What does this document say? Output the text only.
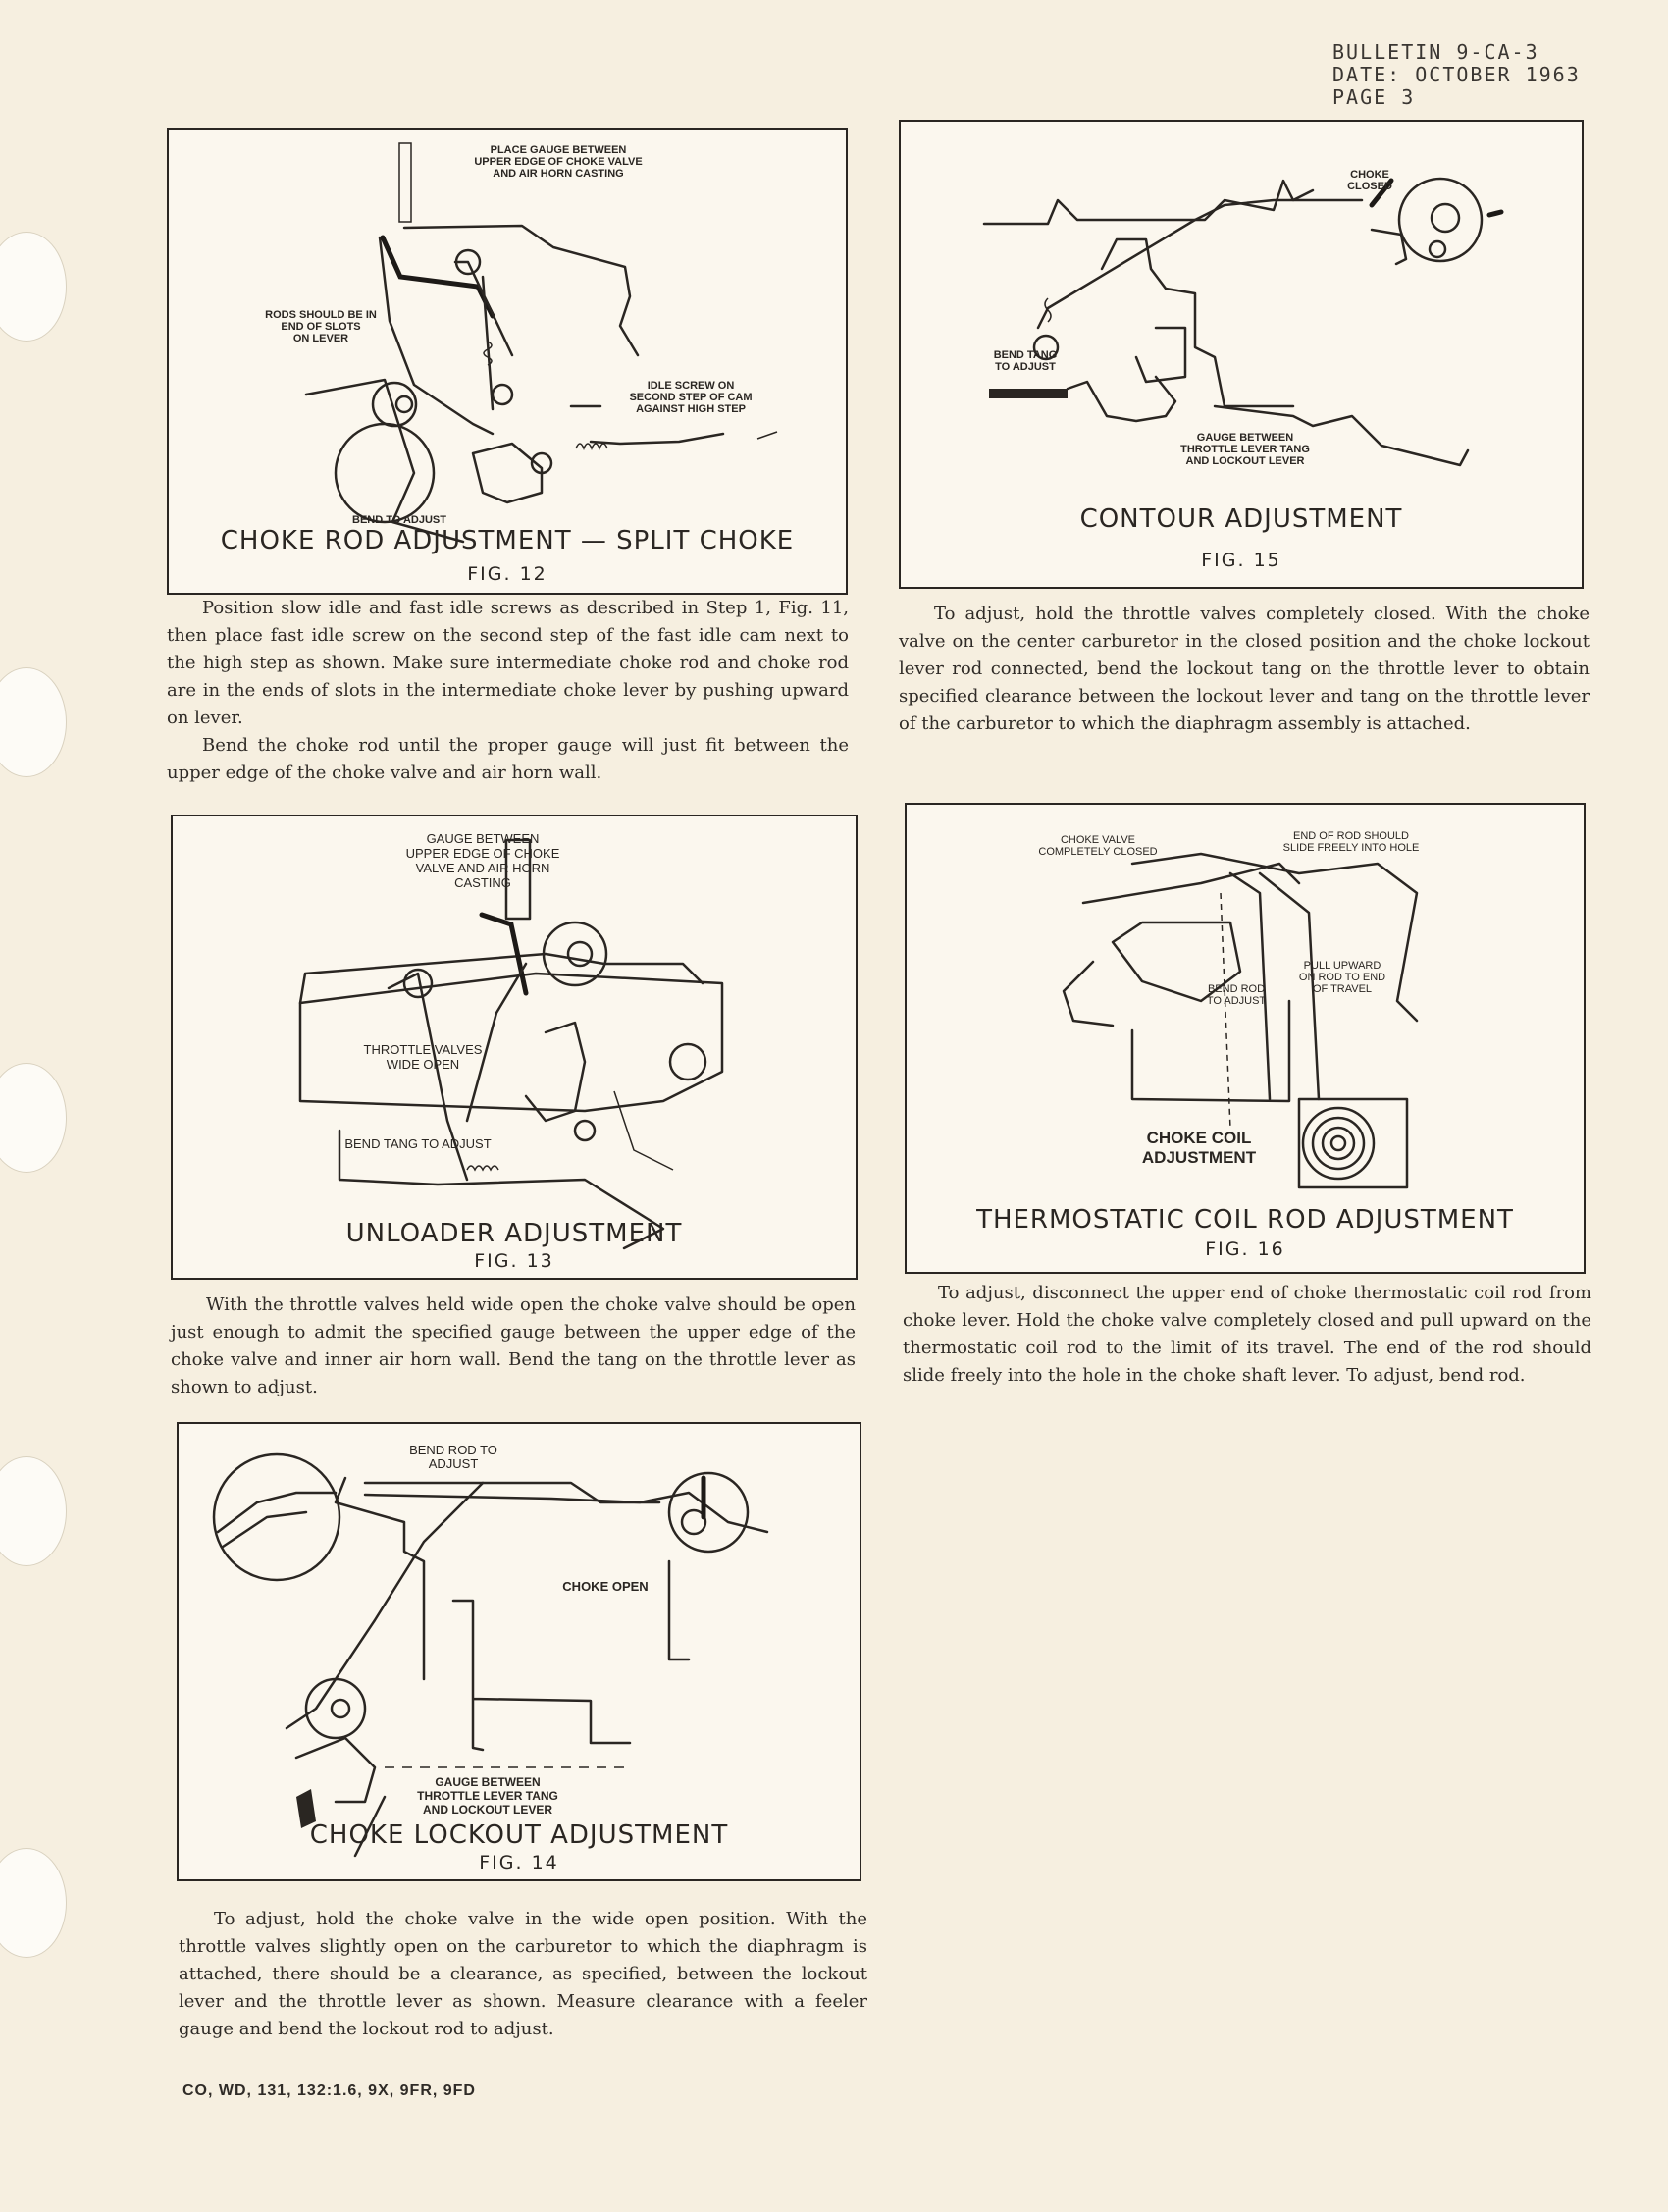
BULLETIN 9-CA-3
DATE: OCTOBER 1963
PAGE 3
PLACE GAUGE BETWEEN
UPPER EDGE OF CHOKE VALVE
AND AIR HORN CASTING
RODS SHOULD BE IN
END OF SLOTS
ON LEVER
IDLE SCREW ON
SECOND STEP OF CAM
AGAINST HIGH STEP
BEND TO ADJUST
CHOKE ROD ADJUSTMENT — SPLIT CHOKE
FIG. 12
CHOKE
CLOSED
BEND TANG
TO ADJUST
GAUGE BETWEEN
THROTTLE LEVER TANG
AND LOCKOUT LEVER
CONTOUR ADJUSTMENT
FIG. 15
GAUGE BETWEEN
UPPER EDGE OF CHOKE
VALVE AND AIR HORN
CASTING
THROTTLE VALVES
WIDE OPEN
BEND TANG TO ADJUST
UNLOADER ADJUSTMENT
FIG. 13
CHOKE VALVE
COMPLETELY CLOSED
END OF ROD SHOULD
SLIDE FREELY INTO HOLE
PULL UPWARD
ON ROD TO END
OF TRAVEL
BEND ROD
TO ADJUST
CHOKE COIL
ADJUSTMENT
THERMOSTATIC COIL ROD ADJUSTMENT
FIG. 16
BEND ROD TO
ADJUST
CHOKE OPEN
GAUGE BETWEEN
THROTTLE LEVER TANG
AND LOCKOUT LEVER
CHOKE LOCKOUT ADJUSTMENT
FIG. 14

Position slow idle and fast idle screws as described in Step 1, Fig. 11, then place fast idle screw on the second step of the fast idle cam next to the high step as shown. Make sure intermediate choke rod and choke rod are in the ends of slots in the intermediate choke lever by pushing upward on lever.

Bend the choke rod until the proper gauge will just fit between the upper edge of the choke valve and air horn wall.

To adjust, hold the throttle valves completely closed. With the choke valve on the center carburetor in the closed position and the choke lockout lever rod connected, bend the lockout tang on the throttle lever to obtain specified clearance between the lockout lever and tang on the throttle lever of the carburetor to which the diaphragm assembly is attached.

With the throttle valves held wide open the choke valve should be open just enough to admit the specified gauge between the upper edge of the choke valve and inner air horn wall. Bend the tang on the throttle lever as shown to adjust.

To adjust, disconnect the upper end of choke thermostatic coil rod from choke lever. Hold the choke valve completely closed and pull upward on the thermostatic coil rod to the limit of its travel. The end of the rod should slide freely into the hole in the choke shaft lever. To adjust, bend rod.

To adjust, hold the choke valve in the wide open position. With the throttle valves slightly open on the carburetor to which the diaphragm is attached, there should be a clearance, as specified, between the lockout lever and the throttle lever as shown. Measure clearance with a feeler gauge and bend the lockout rod to adjust.

CO, WD, 131, 132:1.6, 9X, 9FR, 9FD
